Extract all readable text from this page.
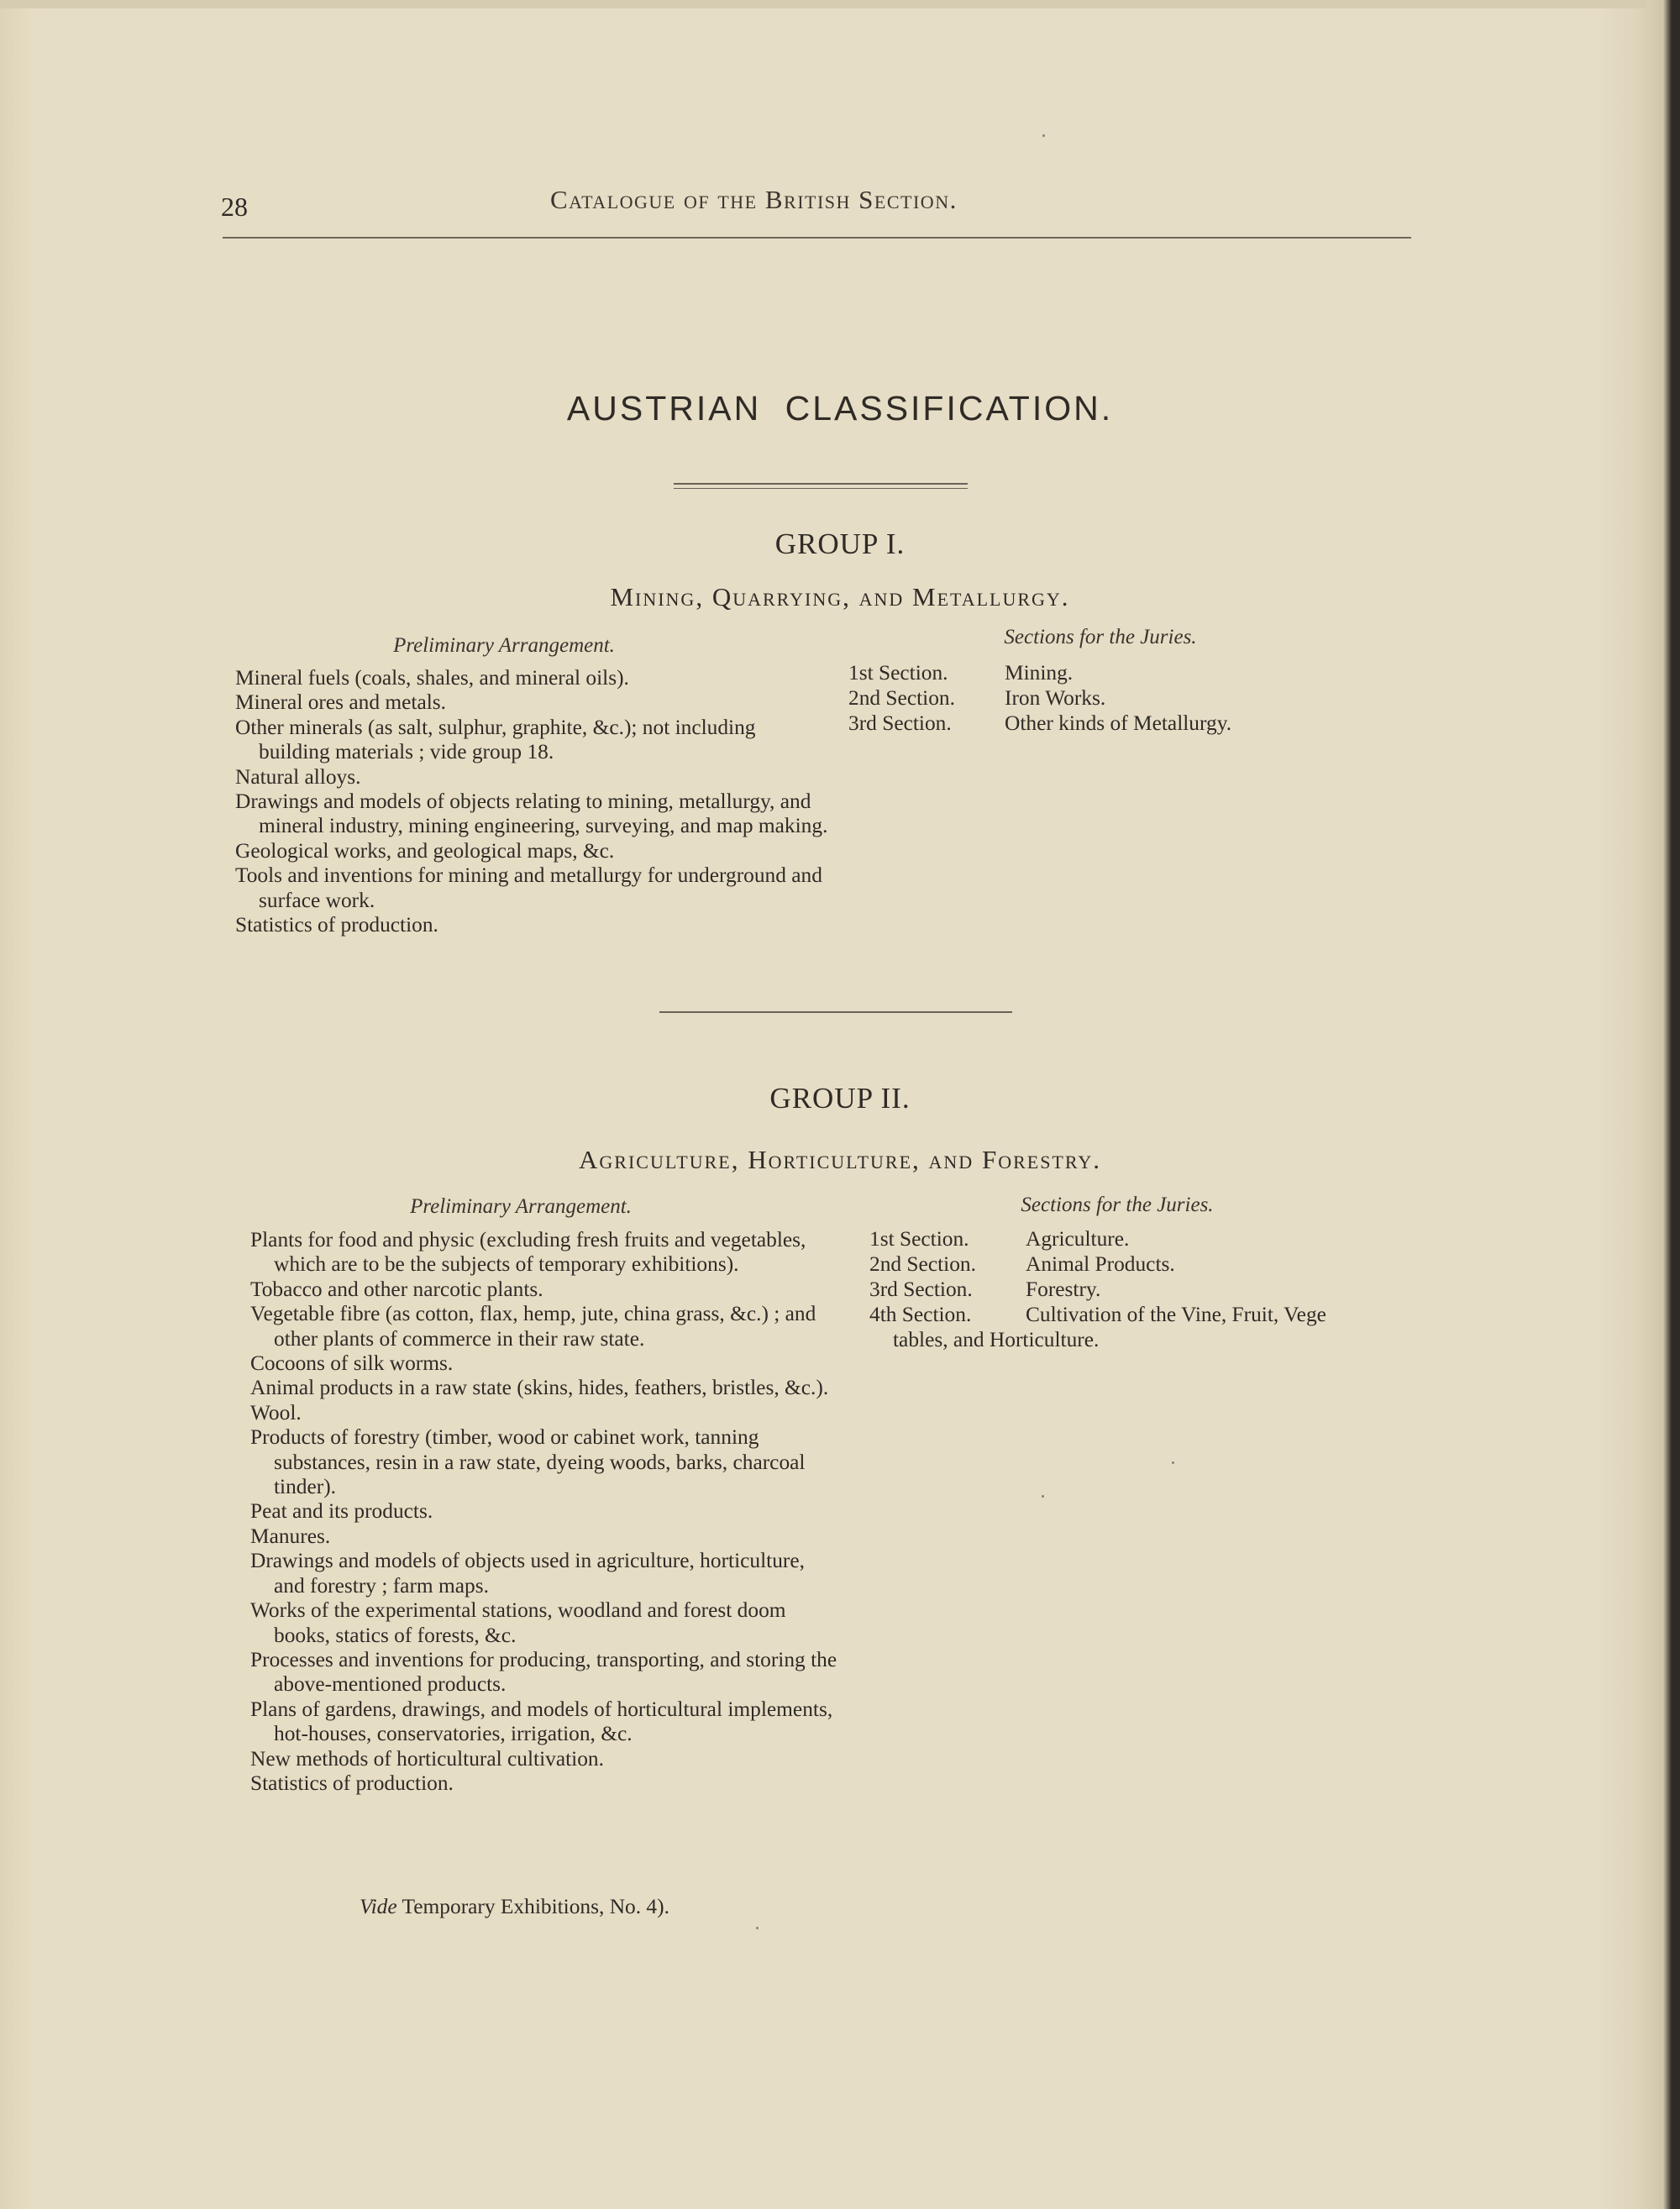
28	Catalogue of the British Section.
AUSTRIAN CLASSIFICATION.
GROUP I.
Mining, Quarrying, and Metallurgy.
Preliminary Arrangement.	Sections for the Juries.
Mineral fuels (coals, shales, and mineral oils).
Mineral ores and metals.
Other minerals (as salt, sulphur, graphite, &c.); not including building materials ; vide group 18.
Natural alloys.
Drawings and models of objects relating to mining, metallurgy, and mineral industry, mining engineering, surveying, and map making.
Geological works, and geological maps, &c.
Tools and inventions for mining and metallurgy for underground and surface work.
Statistics of production.
1st Section.	Mining.
2nd Section. Iron Works.
3rd Section. Other kinds of Metallurgy.
GROUP II.
Agriculture, Horticulture, and Forestry.
Preliminary Arrangement.	Sections for the Juries.
Plants for food and physic (excluding fresh fruits and vegetables, which are to be the subjects of temporary exhibitions).
Tobacco and other narcotic plants.
Vegetable fibre (as cotton, flax, hemp, jute, china grass, &c.) ; and other plants of commerce in their raw state.
Cocoons of silk worms.
Animal products in a raw state (skins, hides, feathers, bristles, &c.).
Wool.
Products of forestry (timber, wood or cabinet work, tanning substances, resin in a raw state, dyeing woods, barks, charcoal tinder).
Peat and its products.
Manures.
Drawings and models of objects used in agriculture, horticulture, and forestry ; farm maps.
Works of the experimental stations, woodland and forest doom books, statics of forests, &c.
Processes and inventions for producing, transporting, and storing the above-mentioned products.
Plans of gardens, drawings, and models of horticultural implements, hot-houses, conservatories, irrigation, &c.
New methods of horticultural cultivation.
Statistics of production.
Vide Temporary Exhibitions, No. 4).
1st Section.	Agriculture.
2nd Section. Animal Products.
3rd Section. Forestry.
4th Section.	Cultivation of the Vine, Fruit, Vege
tables, and Horticulture.
